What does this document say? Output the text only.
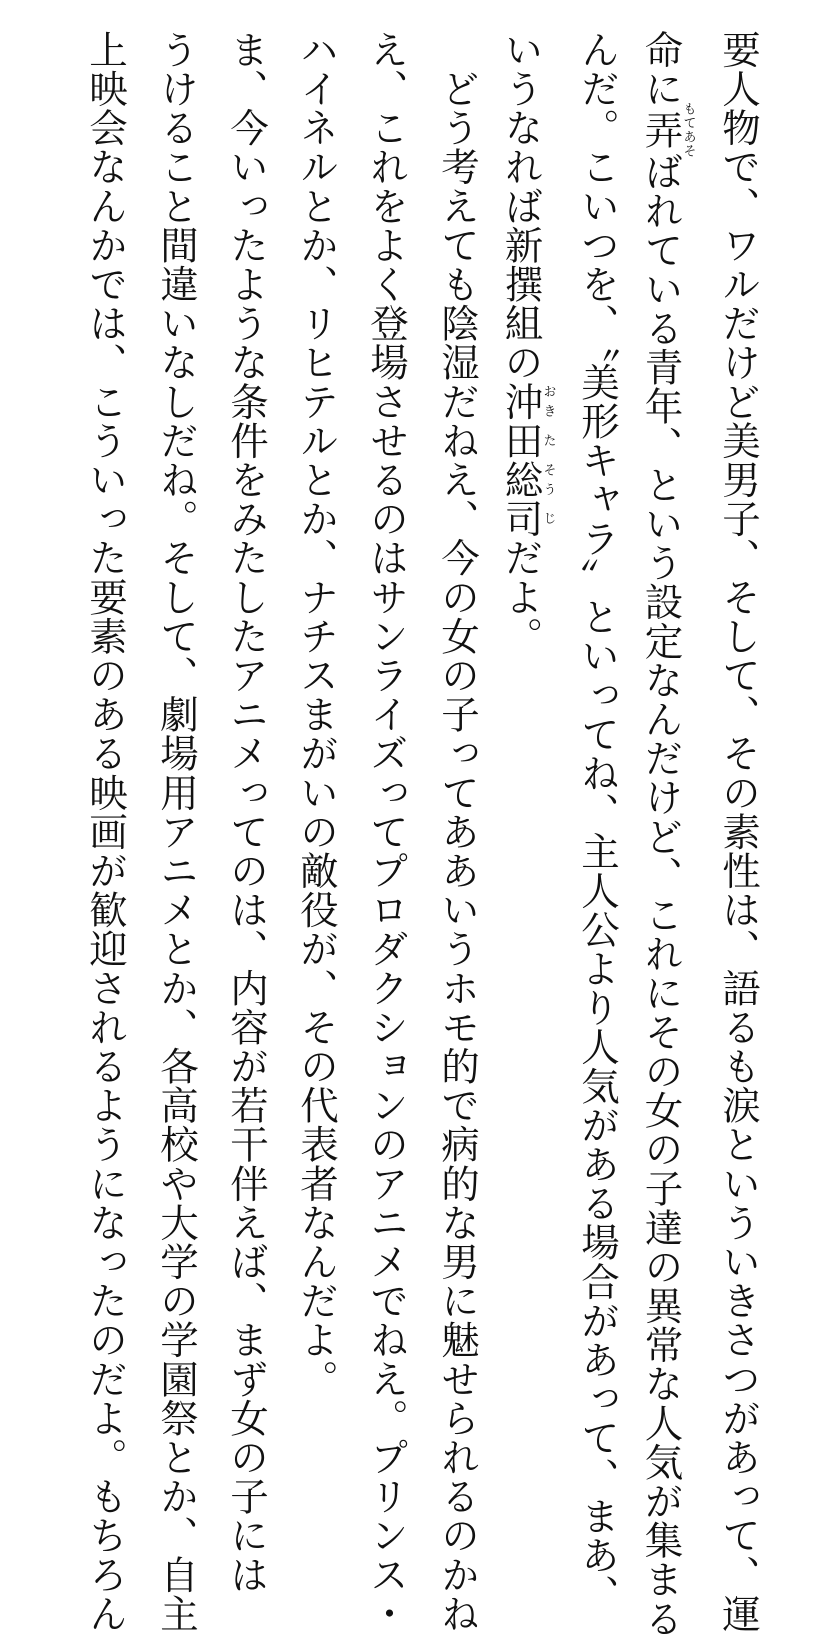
要人物で、ワルだけど美男子、そして、その素性は、語るも涙といういきさつがあって、運
命に弄もてあそばれている青年、という設定なんだけど、これにその女の子達の異常な人気が集まる
んだ。こいつを、〝美形キャラ〟といってね、主人公より人気がある場合があって、まあ、
いうなれば新撰組の沖おき田た総そう司じだよ。
　どう考えても陰湿だねえ、今の女の子ってああいうホモ的で病的な男に魅せられるのかね
え、これをよく登場させるのはサンライズってプロダクションのアニメでねえ。プリンス・
ハイネルとか、リヒテルとか、ナチスまがいの敵役が、その代表者なんだよ。
ま、今いったような条件をみたしたアニメってのは、内容が若干伴えば、まず女の子には
うけること間違いなしだね。そして、劇場用アニメとか、各高校や大学の学園祭とか、自主
上映会なんかでは、こういった要素のある映画が歓迎されるようになったのだよ。もちろん
